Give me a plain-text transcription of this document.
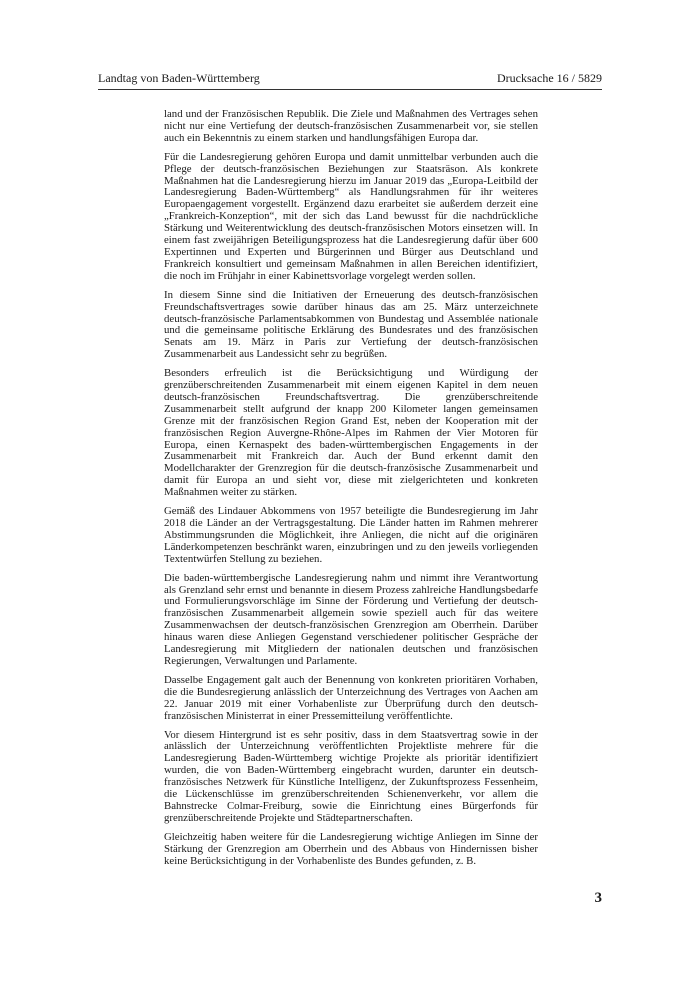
Landtag von Baden-Württemberg	Drucksache 16 / 5829

land und der Französischen Republik. Die Ziele und Maßnahmen des Vertrages sehen nicht nur eine Vertiefung der deutsch-französischen Zusammenarbeit vor, sie stellen auch ein Bekenntnis zu einem starken und handlungsfähigen Europa dar.

Für die Landesregierung gehören Europa und damit unmittelbar verbunden auch die Pflege der deutsch-französischen Beziehungen zur Staatsräson. Als konkrete Maßnahmen hat die Landesregierung hierzu im Januar 2019 das „Europa-Leitbild der Landesregierung Baden-Württemberg“ als Handlungsrahmen für ihr weiteres Europaengagement vorgestellt. Ergänzend dazu erarbeitet sie außerdem derzeit eine „Frankreich-Konzeption“, mit der sich das Land bewusst für die nachdrückliche Stärkung und Weiterentwicklung des deutsch-französischen Motors einsetzen will. In einem fast zweijährigen Beteiligungsprozess hat die Landesregierung dafür über 600 Expertinnen und Experten und Bürgerinnen und Bürger aus Deutschland und Frankreich konsultiert und gemeinsam Maßnahmen in allen Bereichen identifiziert, die noch im Frühjahr in einer Kabinettsvorlage vorgelegt werden sollen.

In diesem Sinne sind die Initiativen der Erneuerung des deutsch-französischen Freundschaftsvertrages sowie darüber hinaus das am 25. März unterzeichnete deutsch-französische Parlamentsabkommen von Bundestag und Assemblée nationale und die gemeinsame politische Erklärung des Bundesrates und des französischen Senats am 19. März in Paris zur Vertiefung der deutsch-französischen Zusammenarbeit aus Landessicht sehr zu begrüßen.

Besonders erfreulich ist die Berücksichtigung und Würdigung der grenzüberschreitenden Zusammenarbeit mit einem eigenen Kapitel in dem neuen deutsch-französischen Freundschaftsvertrag. Die grenzüberschreitende Zusammenarbeit stellt aufgrund der knapp 200 Kilometer langen gemeinsamen Grenze mit der französischen Region Grand Est, neben der Kooperation mit der französischen Region Auvergne-Rhône-Alpes im Rahmen der Vier Motoren für Europa, einen Kernaspekt des baden-württembergischen Engagements in der Zusammenarbeit mit Frankreich dar. Auch der Bund erkennt damit den Modellcharakter der Grenzregion für die deutsch-französische Zusammenarbeit und damit für Europa an und sieht vor, diese mit zielgerichteten und konkreten Maßnahmen weiter zu stärken.

Gemäß des Lindauer Abkommens von 1957 beteiligte die Bundesregierung im Jahr 2018 die Länder an der Vertragsgestaltung. Die Länder hatten im Rahmen mehrerer Abstimmungsrunden die Möglichkeit, ihre Anliegen, die nicht auf die originären Länderkompetenzen beschränkt waren, einzubringen und zu den jeweils vorliegenden Textentwürfen Stellung zu beziehen.

Die baden-württembergische Landesregierung nahm und nimmt ihre Verantwortung als Grenzland sehr ernst und benannte in diesem Prozess zahlreiche Handlungsbedarfe und Formulierungsvorschläge im Sinne der Förderung und Vertiefung der deutsch-französischen Zusammenarbeit allgemein sowie speziell auch für das weitere Zusammenwachsen der deutsch-französischen Grenzregion am Oberrhein. Darüber hinaus waren diese Anliegen Gegenstand verschiedener politischer Gespräche der Landesregierung mit Mitgliedern der nationalen deutschen und französischen Regierungen, Verwaltungen und Parlamente.

Dasselbe Engagement galt auch der Benennung von konkreten prioritären Vorhaben, die die Bundesregierung anlässlich der Unterzeichnung des Vertrages von Aachen am 22. Januar 2019 mit einer Vorhabenliste zur Überprüfung durch den deutsch-französischen Ministerrat in einer Pressemitteilung veröffentlichte.

Vor diesem Hintergrund ist es sehr positiv, dass in dem Staatsvertrag sowie in der anlässlich der Unterzeichnung veröffentlichten Projektliste mehrere für die Landesregierung Baden-Württemberg wichtige Projekte als prioritär identifiziert wurden, die von Baden-Württemberg eingebracht wurden, darunter ein deutsch-französisches Netzwerk für Künstliche Intelligenz, der Zukunftsprozess Fessenheim, die Lückenschlüsse im grenzüberschreitenden Schienenverkehr, vor allem die Bahnstrecke Colmar-Freiburg, sowie die Einrichtung eines Bürgerfonds für grenzüberschreitende Projekte und Städtepartnerschaften.

Gleichzeitig haben weitere für die Landesregierung wichtige Anliegen im Sinne der Stärkung der Grenzregion am Oberrhein und des Abbaus von Hindernissen bisher keine Berücksichtigung in der Vorhabenliste des Bundes gefunden, z. B.

3
